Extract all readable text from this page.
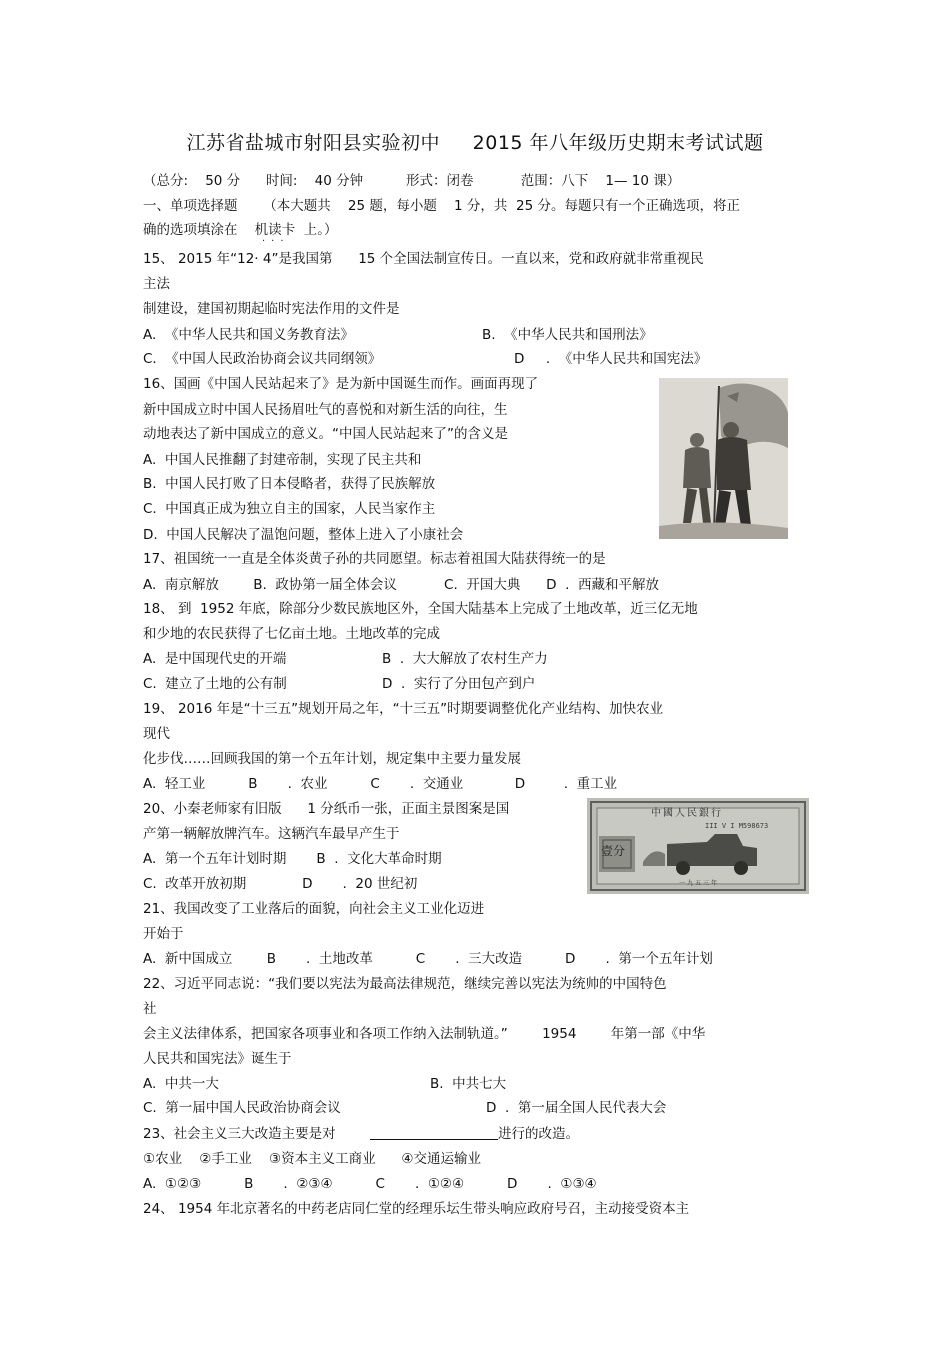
江苏省盐城市射阳县实验初中     2015 年八年级历史期末考试试题
（总分:    50 分      时间:    40 分钟          形式：闭卷           范围：八下    1— 10 课）
一、单项选择题      （本大题共    25 题，每小题    1 分，共  25 分。每题只有一个正确选项，将正
确的选项填涂在    机读卡  上。）
···
15、 2015 年“12· 4”是我国第      15 个全国法制宣传日。一直以来，党和政府就非常重视民
主法
制建设，建国初期起临时宪法作用的文件是
A.  《中华人民共和国义务教育法》	B.  《中华人民共和国刑法》
C.  《中国人民政治协商会议共同纲领》	D     .  《中华人民共和国宪法》
16、国画《中国人民站起来了》是为新中国诞生而作。画面再现了
新中国成立时中国人民扬眉吐气的喜悦和对新生活的向往，生
动地表达了新中国成立的意义。“中国人民站起来了”的含义是
A.  中国人民推翻了封建帝制，实现了民主共和
B.  中国人民打败了日本侵略者，获得了民族解放
C.  中国真正成为独立自主的国家，人民当家作主
D.  中国人民解决了温饱问题，整体上进入了小康社会
17、祖国统一一直是全体炎黄子孙的共同愿望。标志着祖国大陆获得统一的是
A.  南京解放        B.  政协第一届全体会议           C.  开国大典      D  .  西藏和平解放
18、 到  1952 年底，除部分少数民族地区外，全国大陆基本上完成了土地改革，近三亿无地
和少地的农民获得了七亿亩土地。土地改革的完成
A.  是中国现代史的开端	B  .  大大解放了农村生产力
C.  建立了土地的公有制	D  .  实行了分田包产到户
19、 2016 年是“十三五”规划开局之年，“十三五”时期要调整优化产业结构、加快农业
现代
化步伐……回顾我国的第一个五年计划，规定集中主要力量发展
A.  轻工业          B       .  农业          C       .  交通业            D         .  重工业
20、小秦老师家有旧版      1 分纸币一张，正面主景图案是国
产第一辆解放牌汽车。这辆汽车最早产生于
A.  第一个五年计划时期       B  .  文化大革命时期
C.  改革开放初期             D       .  20 世纪初
中國人民銀行
III V I M598673
壹分
一九五三年
21、我国改变了工业落后的面貌，向社会主义工业化迈进
开始于
A.  新中国成立        B       .  土地改革          C       .  三大改造          D       .  第一个五年计划
22、习近平同志说：“我们要以宪法为最高法律规范，继续完善以宪法为统帅的中国特色
社
会主义法律体系，把国家各项事业和各项工作纳入法制轨道。”        1954        年第一部《中华
人民共和国宪法》诞生于
A.  中共一大	B.  中共七大
C.  第一届中国人民政治协商会议	D  .  第一届全国人民代表大会
23、社会主义三大改造主要是对	进行的改造。
①农业    ②手工业    ③资本主义工商业      ④交通运输业
A.  ①②③          B       .  ②③④          C       .  ①②④          D       .  ①③④
24、 1954 年北京著名的中药老店同仁堂的经理乐坛生带头响应政府号召，主动接受资本主
